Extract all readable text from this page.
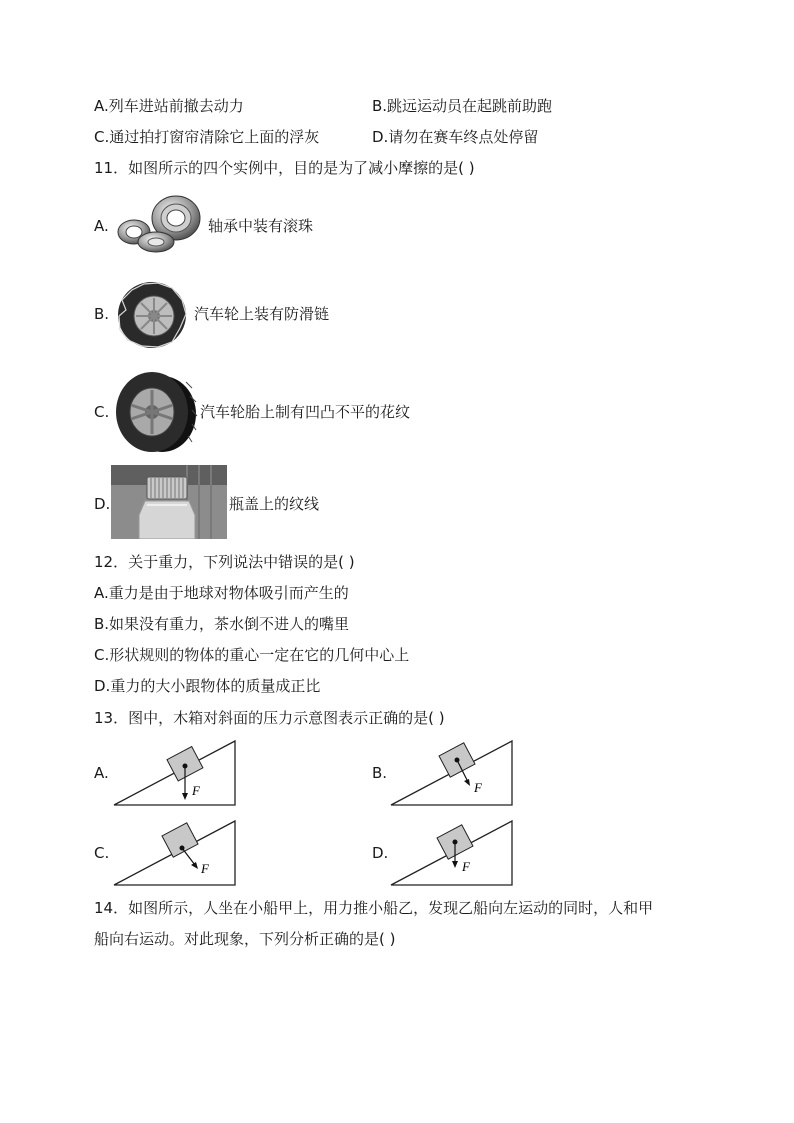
A.列车进站前撤去动力	B.跳远运动员在起跳前助跑
C.通过拍打窗帘清除它上面的浮灰	D.请勿在赛车终点处停留
11．如图所示的四个实例中，目的是为了减小摩擦的是( )
A.	轴承中装有滚珠
B.	汽车轮上装有防滑链
C.	汽车轮胎上制有凹凸不平的花纹
D.	瓶盖上的纹线
12．关于重力，下列说法中错误的是( )
A.重力是由于地球对物体吸引而产生的
B.如果没有重力，茶水倒不进人的嘴里
C.形状规则的物体的重心一定在它的几何中心上
D.重力的大小跟物体的质量成正比
13．图中，木箱对斜面的压力示意图表示正确的是( )
A.
F
B.
F
C.
F
D.
F
14．如图所示，人坐在小船甲上，用力推小船乙，发现乙船向左运动的同时，人和甲
船向右运动。对此现象，下列分析正确的是( )
